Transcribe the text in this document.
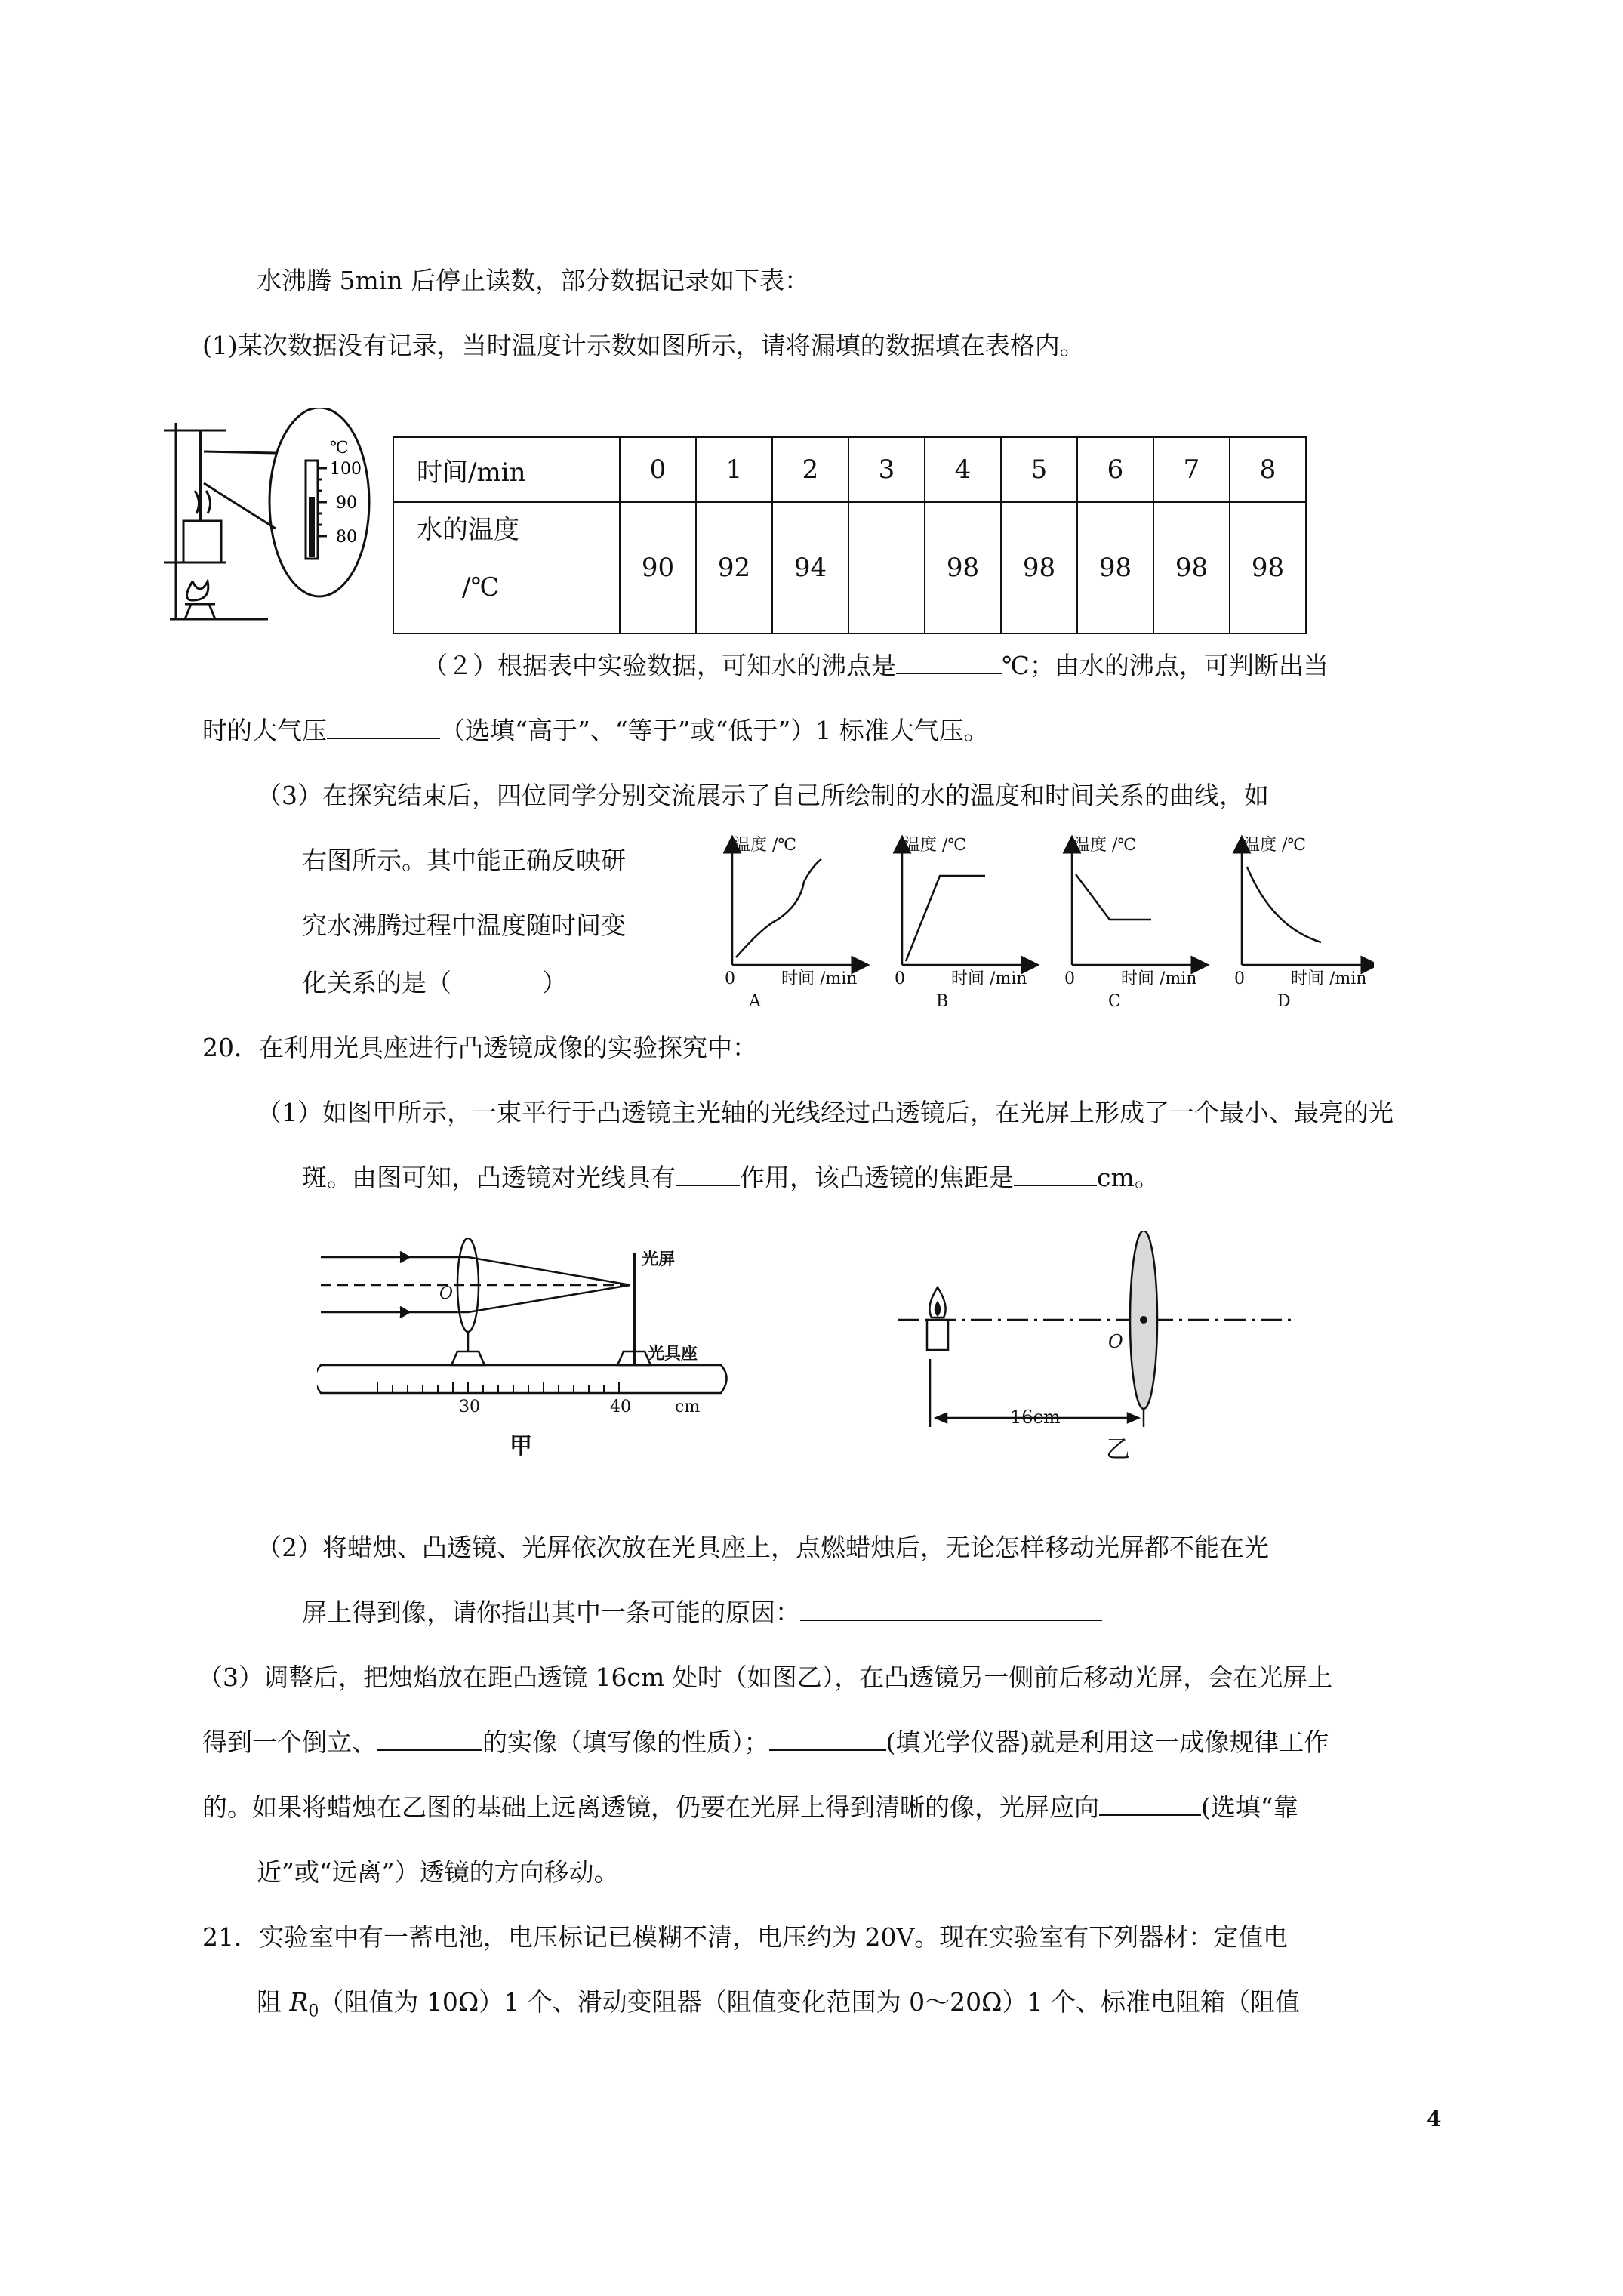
水沸腾 5min 后停止读数，部分数据记录如下表：
(1)某次数据没有记录，当时温度计示数如图所示，请将漏填的数据填在表格内。
℃
100
90
80
时间/min	0	1	2	3	4	5	6	7	8
水的温度
/℃	90	92	94		98	98	98	98	98
（２）根据表中实验数据，可知水的沸点是	℃；由水的沸点，可判断出当
时的大气压	（选填“高于”、“等于”或“低于”）1 标准大气压。
（3）在探究结束后，四位同学分别交流展示了自己所绘制的水的温度和时间关系的曲线，如
右图所示。其中能正确反映研
究水沸腾过程中温度随时间变
化关系的是（	）
温度 /℃	温度 /℃	温度 /℃	温度 /℃
0	0	0	0
时间 /min	时间 /min	时间 /min	时间 /min
A	B	C	D
20．在利用光具座进行凸透镜成像的实验探究中：
（1）如图甲所示，一束平行于凸透镜主光轴的光线经过凸透镜后，在光屏上形成了一个最小、最亮的光
斑。由图可知，凸透镜对光线具有	作用，该凸透镜的焦距是	cm。
O
光屏
光具座
30	40	cm
甲
O
16cm
乙
（2）将蜡烛、凸透镜、光屏依次放在光具座上，点燃蜡烛后，无论怎样移动光屏都不能在光
屏上得到像，请你指出其中一条可能的原因：
（3）调整后，把烛焰放在距凸透镜 16cm 处时（如图乙），在凸透镜另一侧前后移动光屏，会在光屏上
得到一个倒立、	的实像（填写像的性质）；	(填光学仪器)就是利用这一成像规律工作
的。如果将蜡烛在乙图的基础上远离透镜，仍要在光屏上得到清晰的像，光屏应向	(选填“靠
近”或“远离”）透镜的方向移动。
21．实验室中有一蓄电池，电压标记已模糊不清，电压约为 20V。现在实验室有下列器材：定值电
阻 $R_0$（阻值为 10Ω）1 个、滑动变阻器（阻值变化范围为 0～20Ω）1 个、标准电阻箱（阻值
4
